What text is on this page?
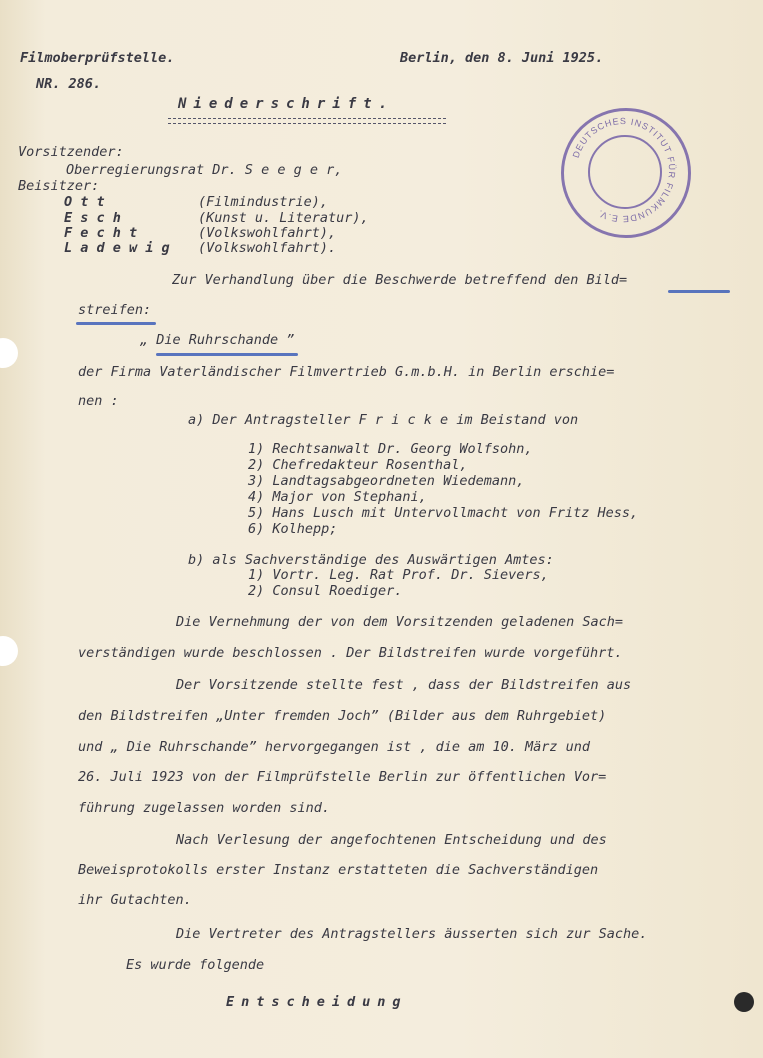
Filmoberprüfstelle.
NR. 286.
Berlin, den 8. Juni 1925.
Niederschrift.
Vorsitzender:
Oberregierungsrat Dr. S e e g e r,
Beisitzer:
O t t	(Filmindustrie),
E s c h	(Kunst u. Literatur),
F e c h t	(Volkswohlfahrt),
L a d e w i g (Volkswohlfahrt).
DEUTSCHES INSTITUT FÜR FILMKUNDE E.V.
Zur Verhandlung über die Beschwerde betreffend den Bild=
streifen:
„ Die Ruhrschande ”
der Firma Vaterländischer Filmvertrieb G.m.b.H. in Berlin erschie=
nen :
a) Der Antragsteller F r i c k e im Beistand von
1) Rechtsanwalt Dr. Georg Wolfsohn,
2) Chefredakteur Rosenthal,
3) Landtagsabgeordneten Wiedemann,
4) Major von Stephani,
5) Hans Lusch mit Untervollmacht von Fritz Hess,
6) Kolhepp;
b) als Sachverständige des Auswärtigen Amtes:
1) Vortr. Leg. Rat Prof. Dr. Sievers,
2) Consul Roediger.
Die Vernehmung der von dem Vorsitzenden geladenen Sach=
verständigen wurde beschlossen . Der Bildstreifen wurde vorgeführt.
Der Vorsitzende stellte fest , dass der Bildstreifen aus
den Bildstreifen „Unter fremden Joch” (Bilder aus dem Ruhrgebiet)
und „ Die Ruhrschande” hervorgegangen ist , die am 10. März und
26. Juli 1923 von der Filmprüfstelle Berlin zur öffentlichen Vor=
führung zugelassen worden sind.
Nach Verlesung der angefochtenen Entscheidung und des
Beweisprotokolls erster Instanz erstatteten die Sachverständigen
ihr Gutachten.
Die Vertreter des Antragstellers äusserten sich zur Sache.
Es wurde folgende
Entscheidung
